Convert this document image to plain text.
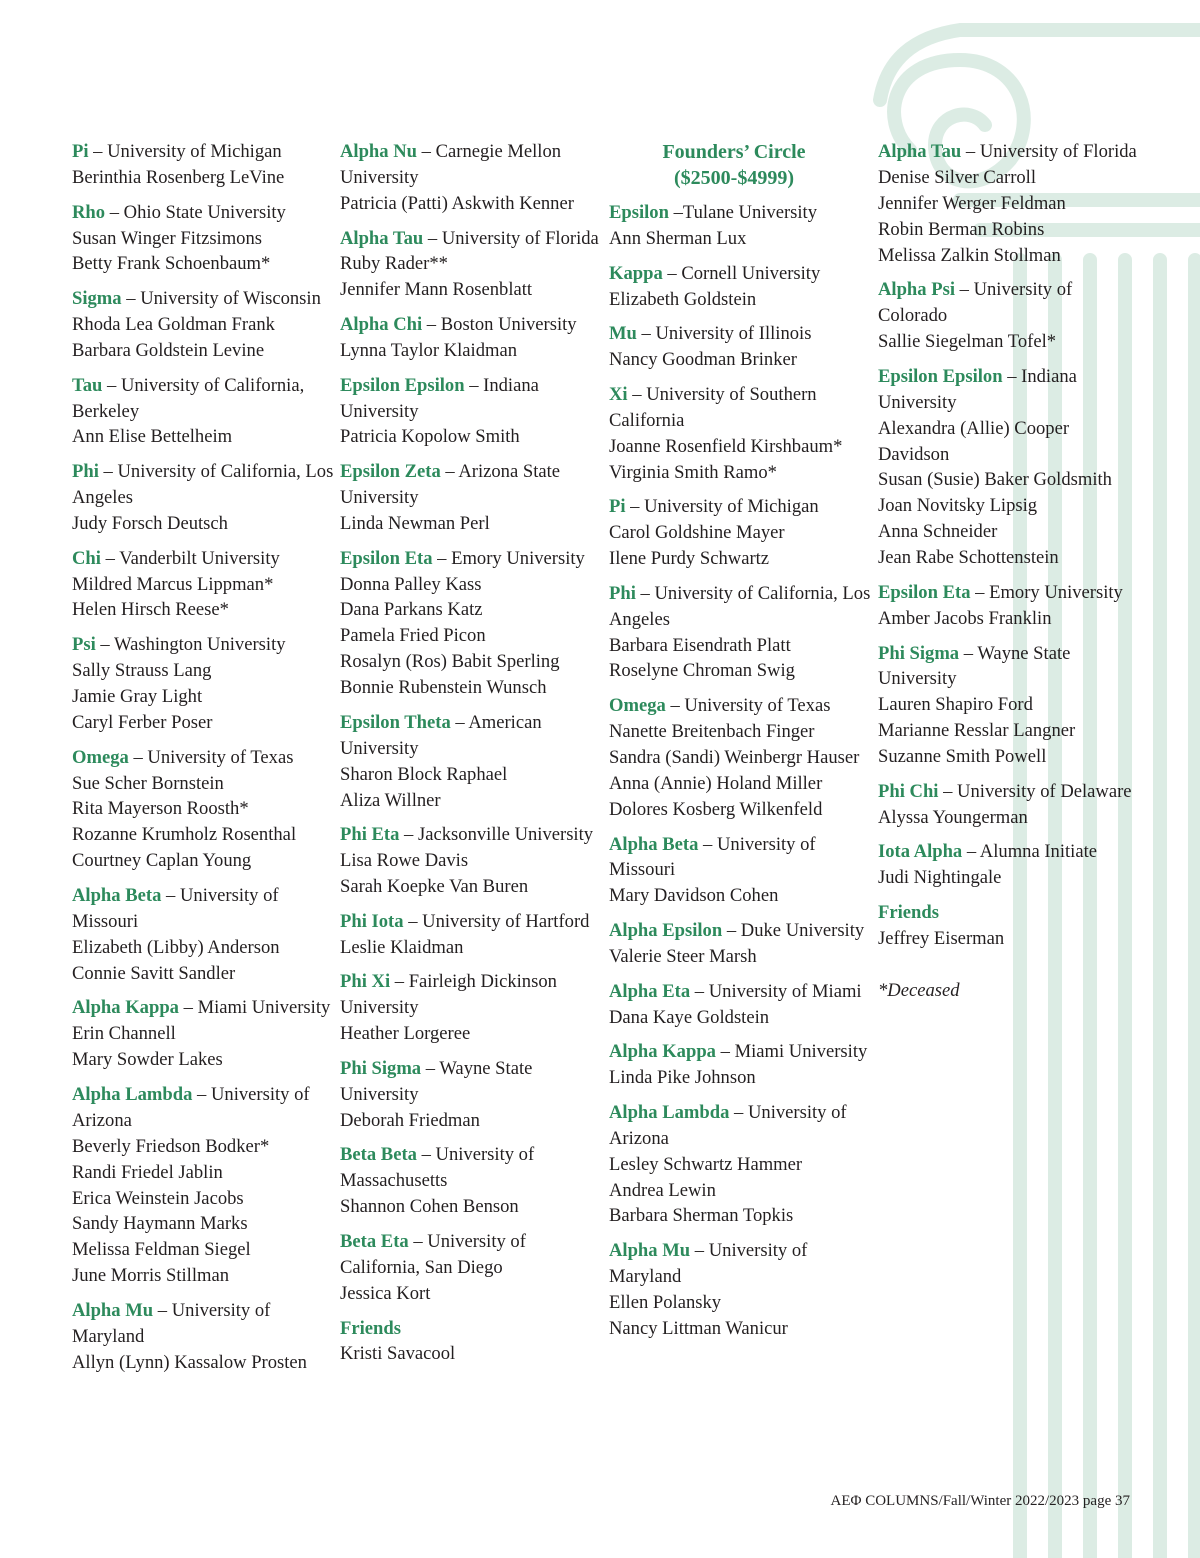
Pi – University of Michigan
Berinthia Rosenberg LeVine
Rho – Ohio State University
Susan Winger Fitzsimons
Betty Frank Schoenbaum*
Sigma – University of Wisconsin
Rhoda Lea Goldman Frank
Barbara Goldstein Levine
Tau – University of California, Berkeley
Ann Elise Bettelheim
Phi – University of California, Los Angeles
Judy Forsch Deutsch
Chi – Vanderbilt University
Mildred Marcus Lippman*
Helen Hirsch Reese*
Psi – Washington University
Sally Strauss Lang
Jamie Gray Light
Caryl Ferber Poser
Omega – University of Texas
Sue Scher Bornstein
Rita Mayerson Roosth*
Rozanne Krumholz Rosenthal
Courtney Caplan Young
Alpha Beta – University of Missouri
Elizabeth (Libby) Anderson
Connie Savitt Sandler
Alpha Kappa – Miami University
Erin Channell
Mary Sowder Lakes
Alpha Lambda – University of Arizona
Beverly Friedson Bodker*
Randi Friedel Jablin
Erica Weinstein Jacobs
Sandy Haymann Marks
Melissa Feldman Siegel
June Morris Stillman
Alpha Mu – University of Maryland
Allyn (Lynn) Kassalow Prosten
Alpha Nu – Carnegie Mellon University
Patricia (Patti) Askwith Kenner
Alpha Tau – University of Florida
Ruby Rader**
Jennifer Mann Rosenblatt
Alpha Chi – Boston University
Lynna Taylor Klaidman
Epsilon Epsilon – Indiana University
Patricia Kopolow Smith
Epsilon Zeta – Arizona State University
Linda Newman Perl
Epsilon Eta – Emory University
Donna Palley Kass
Dana Parkans Katz
Pamela Fried Picon
Rosalyn (Ros) Babit Sperling
Bonnie Rubenstein Wunsch
Epsilon Theta – American University
Sharon Block Raphael
Aliza Willner
Phi Eta – Jacksonville University
Lisa Rowe Davis
Sarah Koepke Van Buren
Phi Iota – University of Hartford
Leslie Klaidman
Phi Xi – Fairleigh Dickinson University
Heather Lorgeree
Phi Sigma – Wayne State University
Deborah Friedman
Beta Beta – University of Massachusetts
Shannon Cohen Benson
Beta Eta – University of California, San Diego
Jessica Kort
Friends
Kristi Savacool
Founders’ Circle
($2500-$4999)
Epsilon –Tulane University
Ann Sherman Lux
Kappa – Cornell University
Elizabeth Goldstein
Mu – University of Illinois
Nancy Goodman Brinker
Xi – University of Southern California
Joanne Rosenfield Kirshbaum*
Virginia Smith Ramo*
Pi – University of Michigan
Carol Goldshine Mayer
Ilene Purdy Schwartz
Phi – University of California, Los Angeles
Barbara Eisendrath Platt
Roselyne Chroman Swig
Omega – University of Texas
Nanette Breitenbach Finger
Sandra (Sandi) Weinbergr Hauser
Anna (Annie) Holand Miller
Dolores Kosberg Wilkenfeld
Alpha Beta – University of Missouri
Mary Davidson Cohen
Alpha Epsilon – Duke University
Valerie Steer Marsh
Alpha Eta – University of Miami
Dana Kaye Goldstein
Alpha Kappa – Miami University
Linda Pike Johnson
Alpha Lambda – University of Arizona
Lesley Schwartz Hammer
Andrea Lewin
Barbara Sherman Topkis
Alpha Mu – University of Maryland
Ellen Polansky
Nancy Littman Wanicur
Alpha Tau – University of Florida
Denise Silver Carroll
Jennifer Werger Feldman
Robin Berman Robins
Melissa Zalkin Stollman
Alpha Psi – University of Colorado
Sallie Siegelman Tofel*
Epsilon Epsilon – Indiana University
Alexandra (Allie) Cooper Davidson
Susan (Susie) Baker Goldsmith
Joan Novitsky Lipsig
Anna Schneider
Jean Rabe Schottenstein
Epsilon Eta – Emory University
Amber Jacobs Franklin
Phi Sigma – Wayne State University
Lauren Shapiro Ford
Marianne Resslar Langner
Suzanne Smith Powell
Phi Chi – University of Delaware
Alyssa Youngerman
Iota Alpha – Alumna Initiate
Judi Nightingale
Friends
Jeffrey Eiserman
*Deceased
ΑΕΦ COLUMNS/Fall/Winter 2022/2023 page 37
